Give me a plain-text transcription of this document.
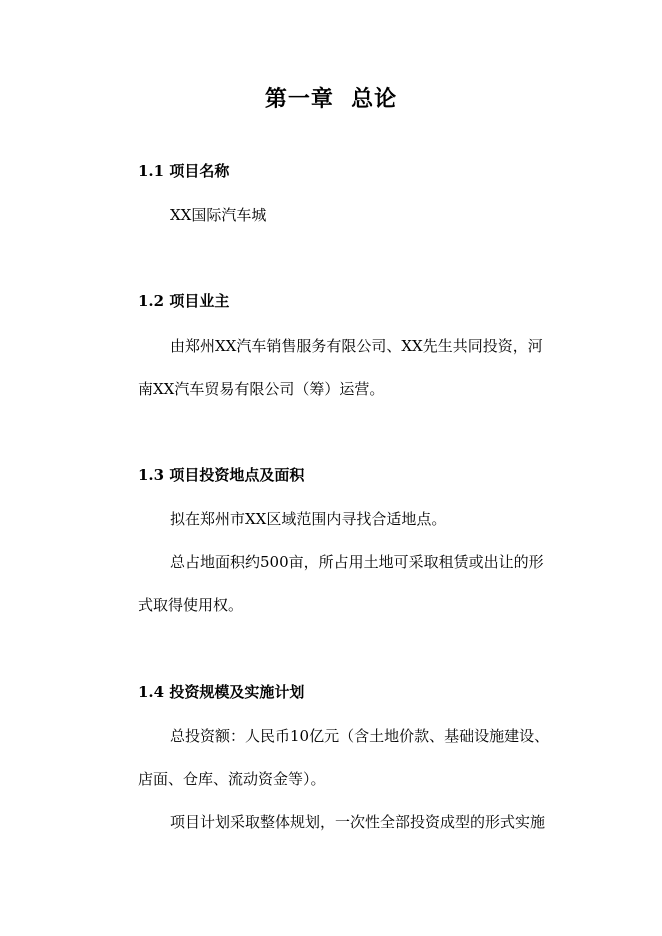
第一章  总论
1.1 项目名称
XX国际汽车城
1.2 项目业主
由郑州XX汽车销售服务有限公司、XX先生共同投资，河
南XX汽车贸易有限公司（筹）运营。
1.3 项目投资地点及面积
拟在郑州市XX区域范围内寻找合适地点。
总占地面积约500亩，所占用土地可采取租赁或出让的形
式取得使用权。
1.4 投资规模及实施计划
总投资额：人民币10亿元（含土地价款、基础设施建设、
店面、仓库、流动资金等）。
项目计划采取整体规划，一次性全部投资成型的形式实施
